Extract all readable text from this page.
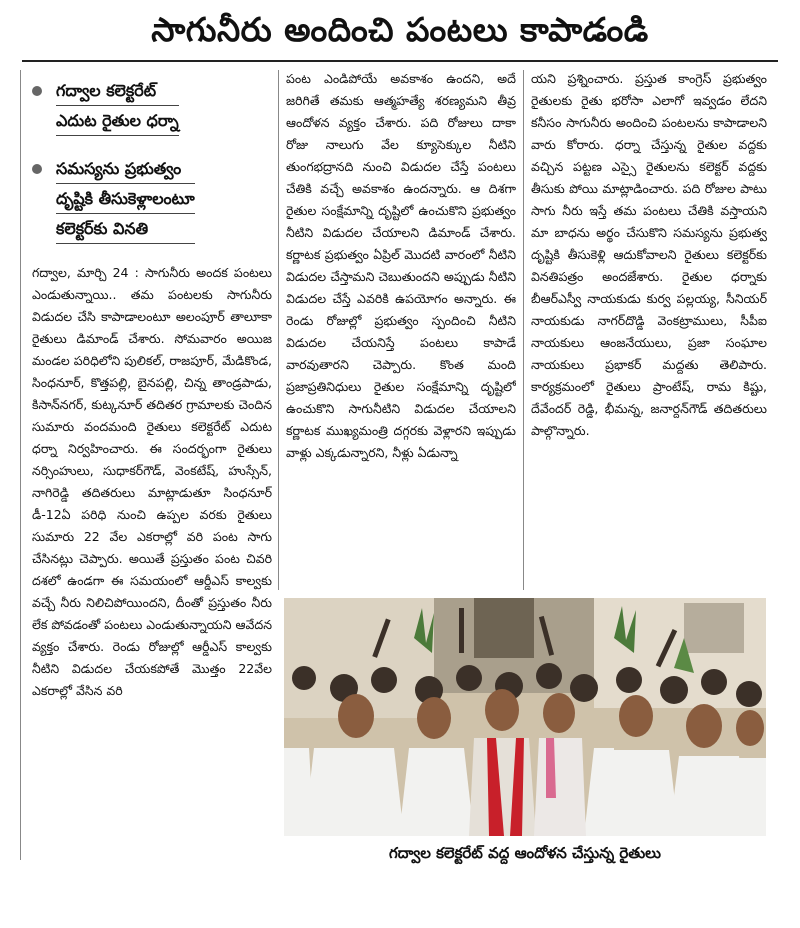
సాగునీరు అందించి పంటలు కాపాడండి
గద్వాల కలెక్టరేట్
ఎదుట రైతుల ధర్నా
సమస్యను ప్రభుత్వం
దృష్టికి తీసుకెళ్లాలంటూ
కలెక్టర్‌కు వినతి

గద్వాల, మార్చి 24 : సాగునీరు అందక పంటలు ఎండుతున్నాయి.. తమ పంటలకు సాగునీరు విడుదల చేసి కాపాడాలంటూ అలంపూర్ తాలూకా రైతులు డిమాండ్ చేశారు. సోమవారం అయిజ మండల పరిధిలోని పులికల్, రాజపూర్, మేడికొండ, సింధనూర్, కొత్తపల్లి, బైనపల్లి, చిన్న తాండ్రపాడు, కిసాన్‌నగర్, కుట్కనూర్ తదితర గ్రామాలకు చెందిన సుమారు వందమంది రైతులు కలెక్టరేట్ ఎదుట ధర్నా నిర్వహించారు. ఈ సందర్భంగా రైతులు నర్సింహులు, సుధాకర్‌గౌడ్, వెంకటేష్, హుస్సేన్, నాగిరెడ్డి తదితరులు మాట్లాడుతూ సింధనూర్ డీ-12ఏ పరిధి నుంచి ఉప్పల వరకు రైతులు సుమారు 22 వేల ఎకరాల్లో వరి పంట సాగు చేసినట్లు చెప్పారు. అయితే ప్రస్తుతం పంట చివరి దశలో ఉండగా ఈ సమయంలో ఆర్డీఎస్ కాల్వకు వచ్చే నీరు నిలిచిపోయిందని, దీంతో ప్రస్తుతం నీరు లేక పోవడంతో పంటలు ఎండుతున్నాయని ఆవేదన వ్యక్తం చేశారు. రెండు రోజుల్లో ఆర్డీఎస్ కాల్వకు నీటిని విడుదల చేయకపోతే మొత్తం 22వేల ఎకరాల్లో వేసిన వరి

పంట ఎండిపోయే అవకాశం ఉందని, అదే జరిగితే తమకు ఆత్మహత్యే శరణ్యమని తీవ్ర ఆందోళన వ్యక్తం చేశారు. పది రోజులు దాకా రోజు నాలుగు వేల క్యూసెక్కుల నీటిని తుంగభద్రానది నుంచి విడుదల చేస్తే పంటలు చేతికి వచ్చే అవకాశం ఉందన్నారు. ఆ దిశగా రైతుల సంక్షేమాన్ని దృష్టిలో ఉంచుకొని ప్రభుత్వం నీటిని విడుదల చేయాలని డిమాండ్ చేశారు. కర్ణాటక ప్రభుత్వం ఏప్రిల్ మొదటి వారంలో నీటిని విడుదల చేస్తామని చెబుతుందని అప్పుడు నీటిని విడుదల చేస్తే ఎవరికి ఉపయోగం అన్నారు. ఈ రెండు రోజుల్లో ప్రభుత్వం స్పందించి నీటిని విడుదల చేయనిస్తే పంటలు కాపాడే వారవుతారని చెప్పారు. కొంత మంది ప్రజాప్రతినిధులు రైతుల సంక్షేమాన్ని దృష్టిలో ఉంచుకొని సాగునీటిని విడుదల చేయాలని కర్ణాటక ముఖ్యమంత్రి దగ్గరకు వెళ్లారని ఇప్పుడు వాళ్లు ఎక్కడున్నారని, నీళ్లు ఏడున్నా

యని ప్రశ్నించారు. ప్రస్తుత కాంగ్రెస్ ప్రభుత్వం రైతులకు రైతు భరోసా ఎలాగో ఇవ్వడం లేదని కనీసం సాగునీరు అందించి పంటలను కాపాడాలని వారు కోరారు. ధర్నా చేస్తున్న రైతుల వద్దకు వచ్చిన పట్టణ ఎస్సై రైతులను కలెక్టర్ వద్దకు తీసుకు పోయి మాట్లాడించారు. పది రోజుల పాటు సాగు నీరు ఇస్తే తమ పంటలు చేతికి వస్తాయని మా బాధను అర్థం చేసుకొని సమస్యను ప్రభుత్వ దృష్టికి తీసుకెళ్లి ఆదుకోవాలని రైతులు కలెక్టర్‌కు వినతిపత్రం అందజేశారు. రైతుల ధర్నాకు బీఆర్ఎస్వీ నాయకుడు కుర్వ పల్లయ్య, సీనియర్ నాయకుడు నాగర్‌దొడ్డి వెంకట్రాములు, సీపీఐ నాయకులు ఆంజనేయులు, ప్రజా సంఘాల నాయకులు ప్రభాకర్ మద్దతు తెలిపారు. కార్యక్రమంలో రైతులు ప్రాంటేష్, రామ కిష్టు, దేవేందర్ రెడ్డి, భీమన్న, జనార్దన్‌గౌడ్ తదితరులు పాల్గొన్నారు.

గద్వాల కలెక్టరేట్ వద్ద ఆందోళన చేస్తున్న రైతులు
